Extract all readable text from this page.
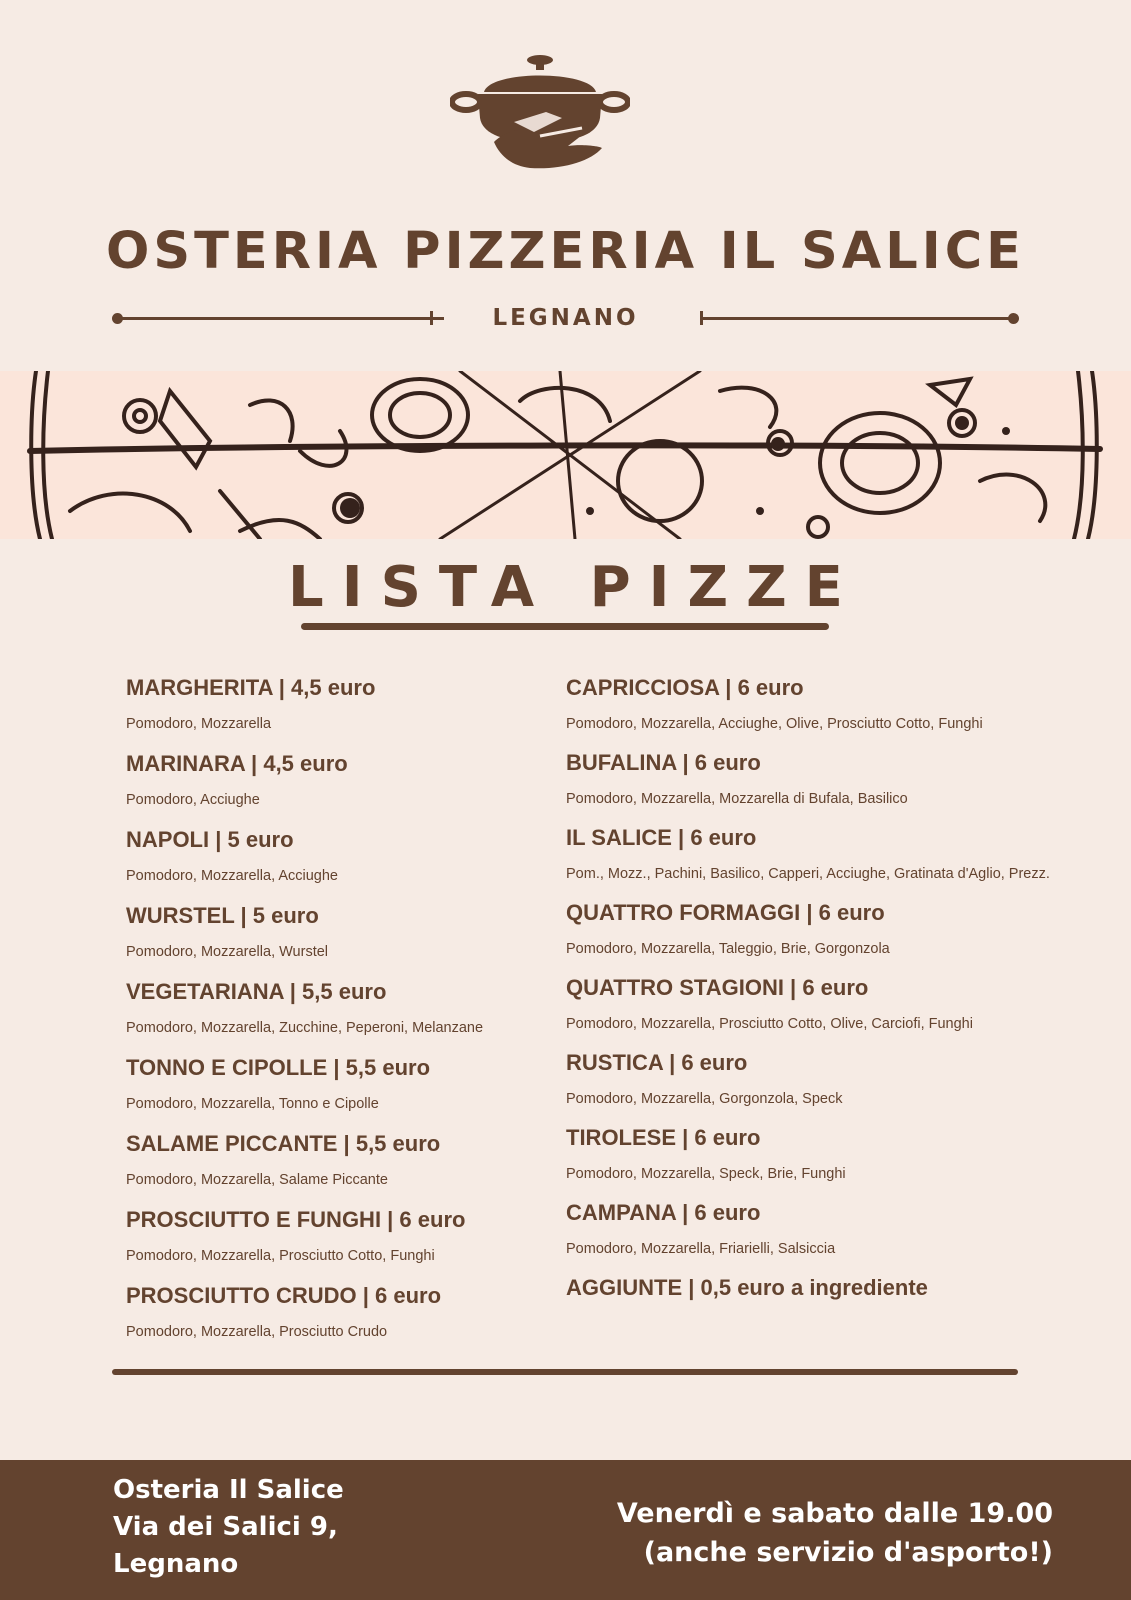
OSTERIA PIZZERIA IL SALICE
LEGNANO
LISTA PIZZE
MARGHERITA | 4,5 euro
Pomodoro, Mozzarella
MARINARA | 4,5 euro
Pomodoro, Acciughe
NAPOLI | 5 euro
Pomodoro, Mozzarella, Acciughe
WURSTEL | 5 euro
Pomodoro, Mozzarella, Wurstel
VEGETARIANA | 5,5 euro
Pomodoro, Mozzarella, Zucchine, Peperoni, Melanzane
TONNO E CIPOLLE | 5,5 euro
Pomodoro, Mozzarella, Tonno e Cipolle
SALAME PICCANTE | 5,5 euro
Pomodoro, Mozzarella, Salame Piccante
PROSCIUTTO E FUNGHI | 6 euro
Pomodoro, Mozzarella, Prosciutto Cotto, Funghi
PROSCIUTTO CRUDO | 6 euro
Pomodoro, Mozzarella, Prosciutto Crudo
CAPRICCIOSA | 6 euro
Pomodoro, Mozzarella, Acciughe, Olive, Prosciutto Cotto, Funghi
BUFALINA | 6 euro
Pomodoro, Mozzarella, Mozzarella di Bufala, Basilico
IL SALICE | 6 euro
Pom., Mozz., Pachini, Basilico, Capperi, Acciughe, Gratinata d'Aglio, Prezz.
QUATTRO FORMAGGI | 6 euro
Pomodoro, Mozzarella, Taleggio, Brie, Gorgonzola
QUATTRO STAGIONI | 6 euro
Pomodoro, Mozzarella, Prosciutto Cotto, Olive, Carciofi, Funghi
RUSTICA | 6 euro
Pomodoro, Mozzarella, Gorgonzola, Speck
TIROLESE | 6 euro
Pomodoro, Mozzarella, Speck, Brie, Funghi
CAMPANA | 6 euro
Pomodoro, Mozzarella, Friarielli, Salsiccia
AGGIUNTE | 0,5 euro a ingrediente
Osteria Il Salice
Via dei Salici 9,
Legnano
Venerdì e sabato dalle 19.00
(anche servizio d'asporto!)
